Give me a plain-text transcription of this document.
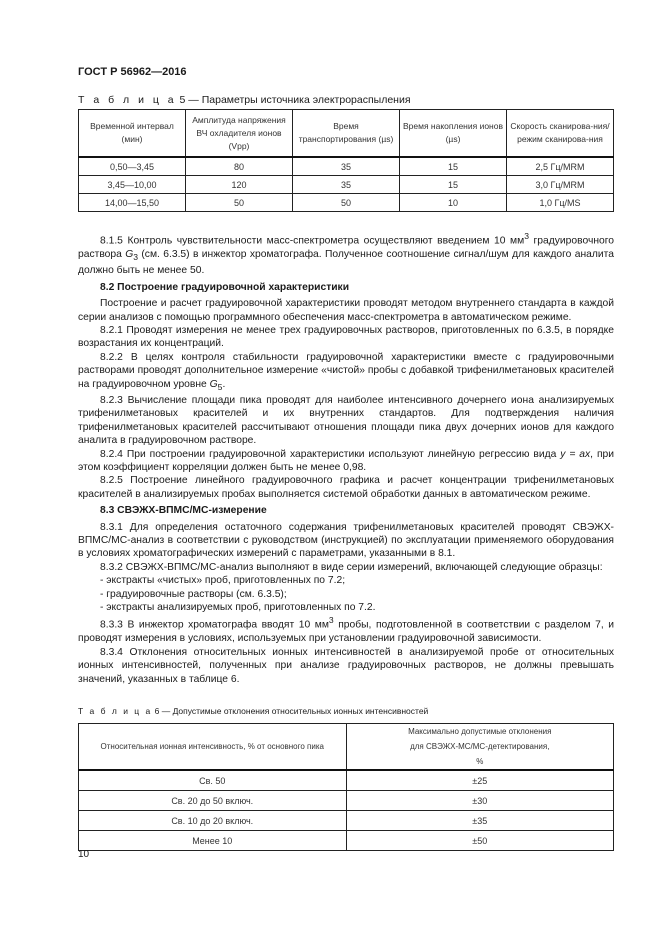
ГОСТ Р 56962—2016
Т а б л и ц а 5 — Параметры источника электрораспыления
Временной интервал (мин)	Амплитуда напряжения ВЧ охладителя ионов (Vpp)	Время транспортирования (µs)	Время накопления ионов (µs)	Скорость сканирова-ния/режим сканирова-ния
0,50—3,45	80	35	15	2,5 Гц/MRM
3,45—10,00	120	35	15	3,0 Гц/MRM
14,00—15,50	50	50	10	1,0 Гц/MS

8.1.5 Контроль чувствительности масс-спектрометра осуществляют введением 10 $мм^3$ градуировочного раствора $G_3$ (см. 6.3.5) в инжектор хроматографа. Полученное соотношение сигнал/шум для каждого аналита должно быть не менее 50.

8.2 Построение градуировочной характеристики

Построение и расчет градуировочной характеристики проводят методом внутреннего стандарта в каждой серии анализов с помощью программного обеспечения масс-спектрометра в автоматическом режиме.

8.2.1 Проводят измерения не менее трех градуировочных растворов, приготовленных по 6.3.5, в порядке возрастания их концентраций.

8.2.2 В целях контроля стабильности градуировочной характеристики вместе с градуировочными растворами проводят дополнительное измерение «чистой» пробы с добавкой трифенилметановых красителей на градуировочном уровне $G_5$.

8.2.3 Вычисление площади пика проводят для наиболее интенсивного дочернего иона анализируемых трифенилметановых красителей и их внутренних стандартов. Для подтверждения наличия трифенилметановых красителей рассчитывают отношения площади пика двух дочерних ионов для каждого аналита в градуировочном растворе.

8.2.4 При построении градуировочной характеристики используют линейную регрессию вида y = ax, при этом коэффициент корреляции должен быть не менее 0,98.

8.2.5 Построение линейного градуировочного графика и расчет концентрации трифенилметановых красителей в анализируемых пробах выполняется системой обработки данных в автоматическом режиме.

8.3 СВЭЖХ-ВПМС/МС-измерение

8.3.1 Для определения остаточного содержания трифенилметановых красителей проводят СВЭЖХ-ВПМС/МС-анализ в соответствии с руководством (инструкцией) по эксплуатации применяемого оборудования в условиях хроматографических измерений с параметрами, указанными в 8.1.

8.3.2 СВЭЖХ-ВПМС/МС-анализ выполняют в виде серии измерений, включающей следующие образцы:

- экстракты «чистых» проб, приготовленных по 7.2;

- градуировочные растворы (см. 6.3.5);

- экстракты анализируемых проб, приготовленных по 7.2.

8.3.3 В инжектор хроматографа вводят 10 $мм^3$ пробы, подготовленной в соответствии с разделом 7, и проводят измерения в условиях, используемых при установлении градуировочной зависимости.

8.3.4 Отклонения относительных ионных интенсивностей в анализируемой пробе от относительных ионных интенсивностей, полученных при анализе градуировочных растворов, не должны превышать значений, указанных в таблице 6.

Т а б л и ц а 6 — Допустимые отклонения относительных ионных интенсивностей
Относительная ионная интенсивность, % от основного пика	Максимально допустимые отклонения для СВЭЖХ-МС/МС-детектирования, %
Св. 50	±25
Св. 20 до 50 включ.	±30
Св. 10 до 20 включ.	±35
Менее 10	±50
10
